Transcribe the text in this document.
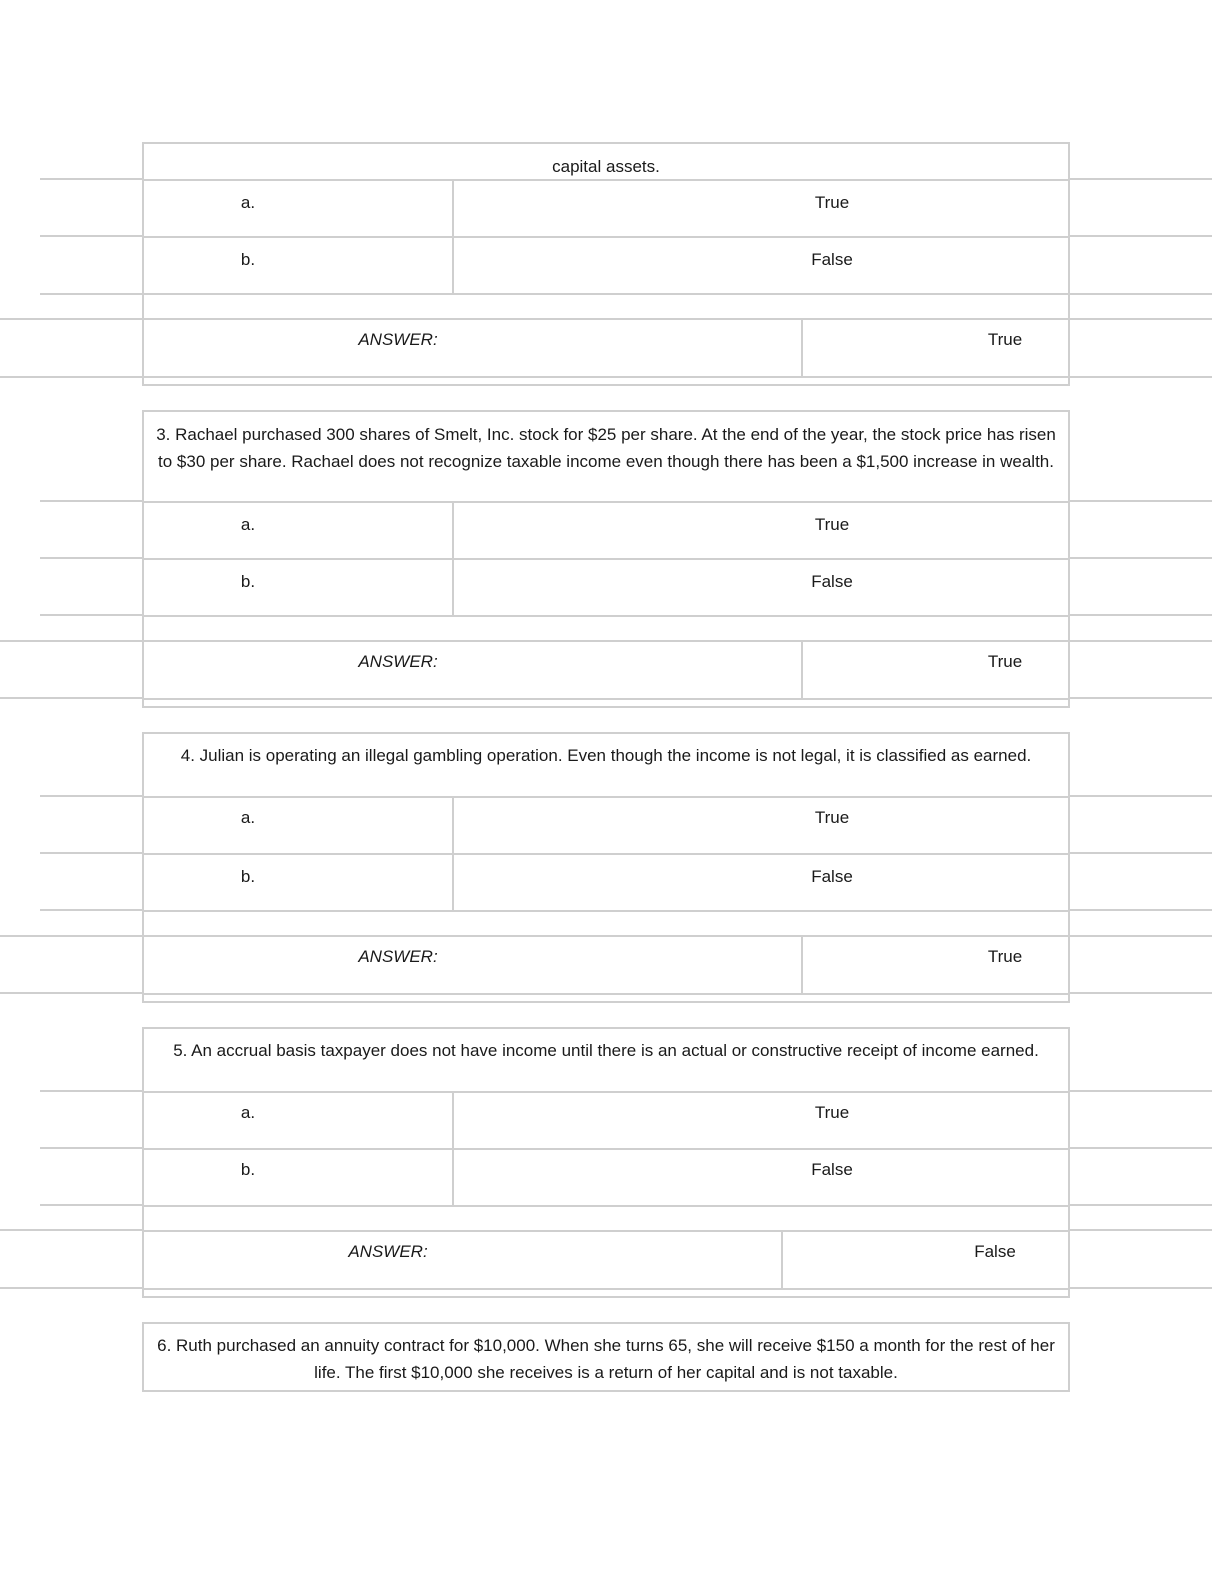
capital assets.
a.	True
b.	False
ANSWER:	True
3. Rachael purchased 300 shares of Smelt, Inc. stock for $25 per share. At the end of the year, the stock price has risen to $30 per share. Rachael does not recognize taxable income even though there has been a $1,500 increase in wealth.
a.	True
b.	False
ANSWER:	True
4. Julian is operating an illegal gambling operation. Even though the income is not legal, it is classified as earned.
a.	True
b.	False
ANSWER:	True
5. An accrual basis taxpayer does not have income until there is an actual or constructive receipt of income earned.
a.	True
b.	False
ANSWER:	False
6. Ruth purchased an annuity contract for $10,000. When she turns 65, she will receive $150 a month for the rest of her life. The first $10,000 she receives is a return of her capital and is not taxable.
